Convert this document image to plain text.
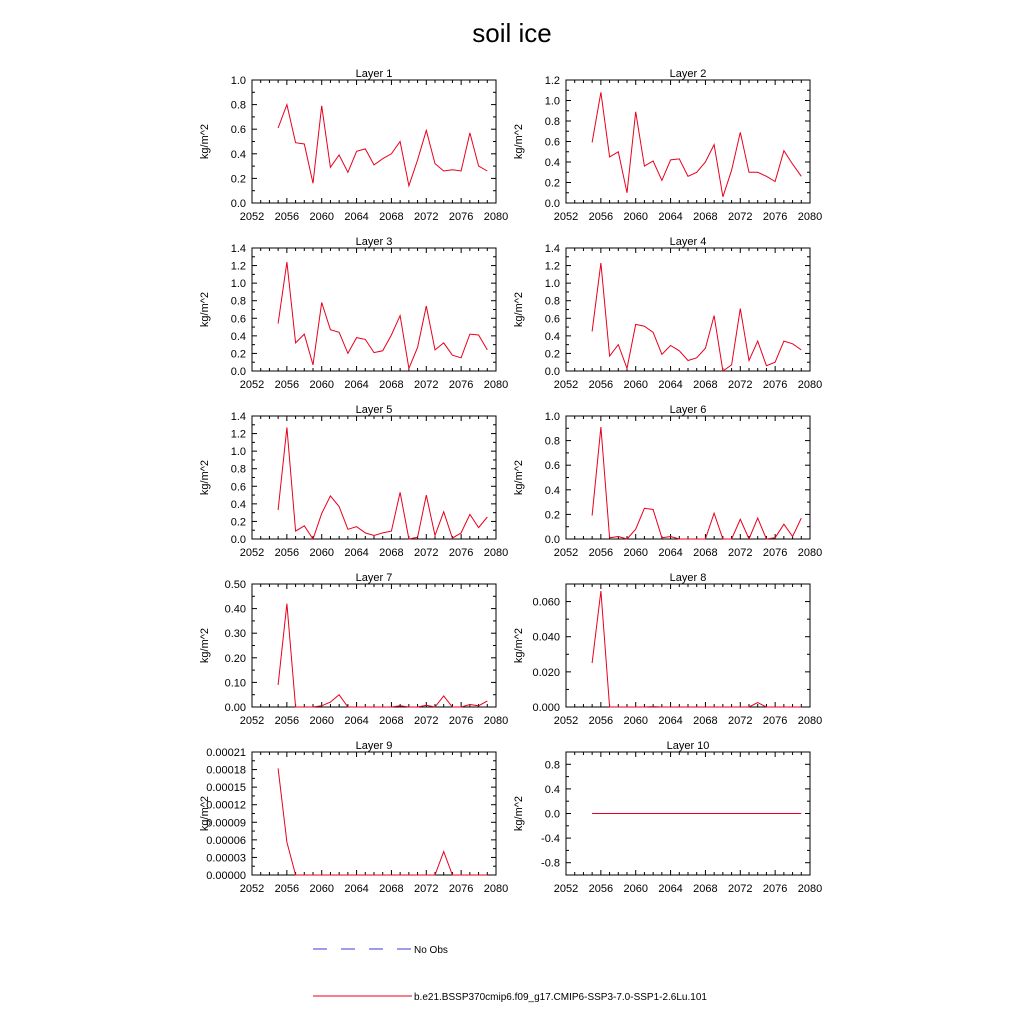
soil ice
Layer 1
2052 2056 2060 2064 2068 2072 2076 2080
0.0
0.2
0.4
0.6
0.8
1.0
kg/m^2
Layer 2
2052 2056 2060 2064 2068 2072 2076 2080
0.0
0.2
0.4
0.6
0.8
1.0
1.2
kg/m^2
Layer 3
2052 2056 2060 2064 2068 2072 2076 2080
0.0
0.2
0.4
0.6
0.8
1.0
1.2
1.4
kg/m^2
Layer 4
2052 2056 2060 2064 2068 2072 2076 2080
0.0
0.2
0.4
0.6
0.8
1.0
1.2
1.4
kg/m^2
Layer 5
2052 2056 2060 2064 2068 2072 2076 2080
0.0
0.2
0.4
0.6
0.8
1.0
1.2
1.4
kg/m^2
Layer 6
2052 2056 2060 2064 2068 2072 2076 2080
0.0
0.2
0.4
0.6
0.8
1.0
kg/m^2
Layer 7
2052 2056 2060 2064 2068 2072 2076 2080
0.00
0.10
0.20
0.30
0.40
0.50
kg/m^2
Layer 8
2052 2056 2060 2064 2068 2072 2076 2080
0.000
0.020
0.040
0.060
kg/m^2
Layer 9
2052 2056 2060 2064 2068 2072 2076 2080
0.00000
0.00003
0.00006
0.00009
0.00012
0.00015
0.00018
0.00021
kg/m^2
Layer 10
2052 2056 2060 2064 2068 2072 2076 2080
-0.8
-0.4
0.0
0.4
0.8
kg/m^2
No Obs
b.e21.BSSP370cmip6.f09_g17.CMIP6-SSP3-7.0-SSP1-2.6Lu.101
